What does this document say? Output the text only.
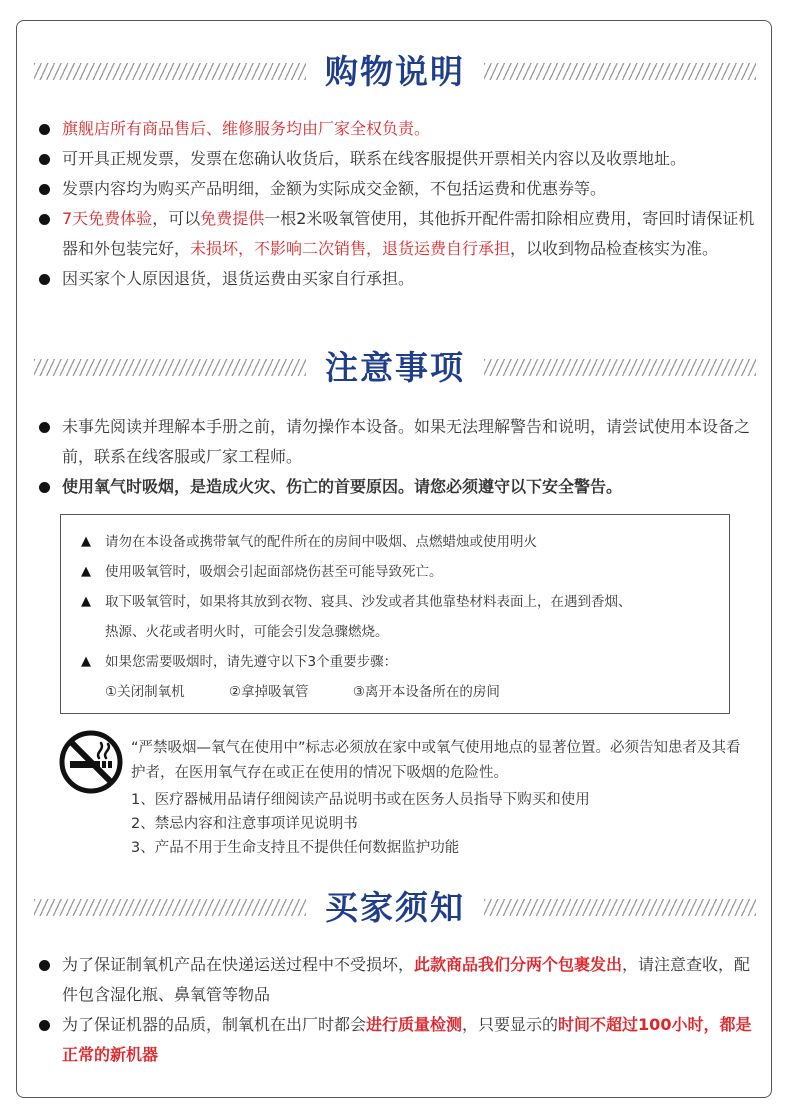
购物说明
旗舰店所有商品售后、维修服务均由厂家全权负责。
可开具正规发票，发票在您确认收货后，联系在线客服提供开票相关内容以及收票地址。
发票内容均为购买产品明细，金额为实际成交金额，不包括运费和优惠券等。
7天免费体验，可以免费提供一根2米吸氧管使用，其他拆开配件需扣除相应费用，寄回时请保证机器和外包装完好，未损坏，不影响二次销售，退货运费自行承担，以收到物品检查核实为准。
因买家个人原因退货，退货运费由买家自行承担。
注意事项
未事先阅读并理解本手册之前，请勿操作本设备。如果无法理解警告和说明，请尝试使用本设备之前，联系在线客服或厂家工程师。
使用氧气时吸烟，是造成火灾、伤亡的首要原因。请您必须遵守以下安全警告。
▲	请勿在本设备或携带氧气的配件所在的房间中吸烟、点燃蜡烛或使用明火
▲	使用吸氧管时，吸烟会引起面部烧伤甚至可能导致死亡。
▲	取下吸氧管时，如果将其放到衣物、寝具、沙发或者其他靠垫材料表面上，在遇到香烟、
热源、火花或者明火时，可能会引发急骤燃烧。
▲	如果您需要吸烟时，请先遵守以下3个重要步骤：
①关闭制氧机	②拿掉吸氧管	③离开本设备所在的房间
“严禁吸烟—氧气在使用中”标志必须放在家中或氧气使用地点的显著位置。必须告知患者及其看护者，在医用氧气存在或正在使用的情况下吸烟的危险性。
1、医疗器械用品请仔细阅读产品说明书或在医务人员指导下购买和使用
2、禁忌内容和注意事项详见说明书
3、产品不用于生命支持且不提供任何数据监护功能
买家须知
为了保证制氧机产品在快递运送过程中不受损坏，此款商品我们分两个包裹发出，请注意查收，配件包含湿化瓶、鼻氧管等物品
为了保证机器的品质，制氧机在出厂时都会进行质量检测，只要显示的时间不超过100小时，都是正常的新机器
